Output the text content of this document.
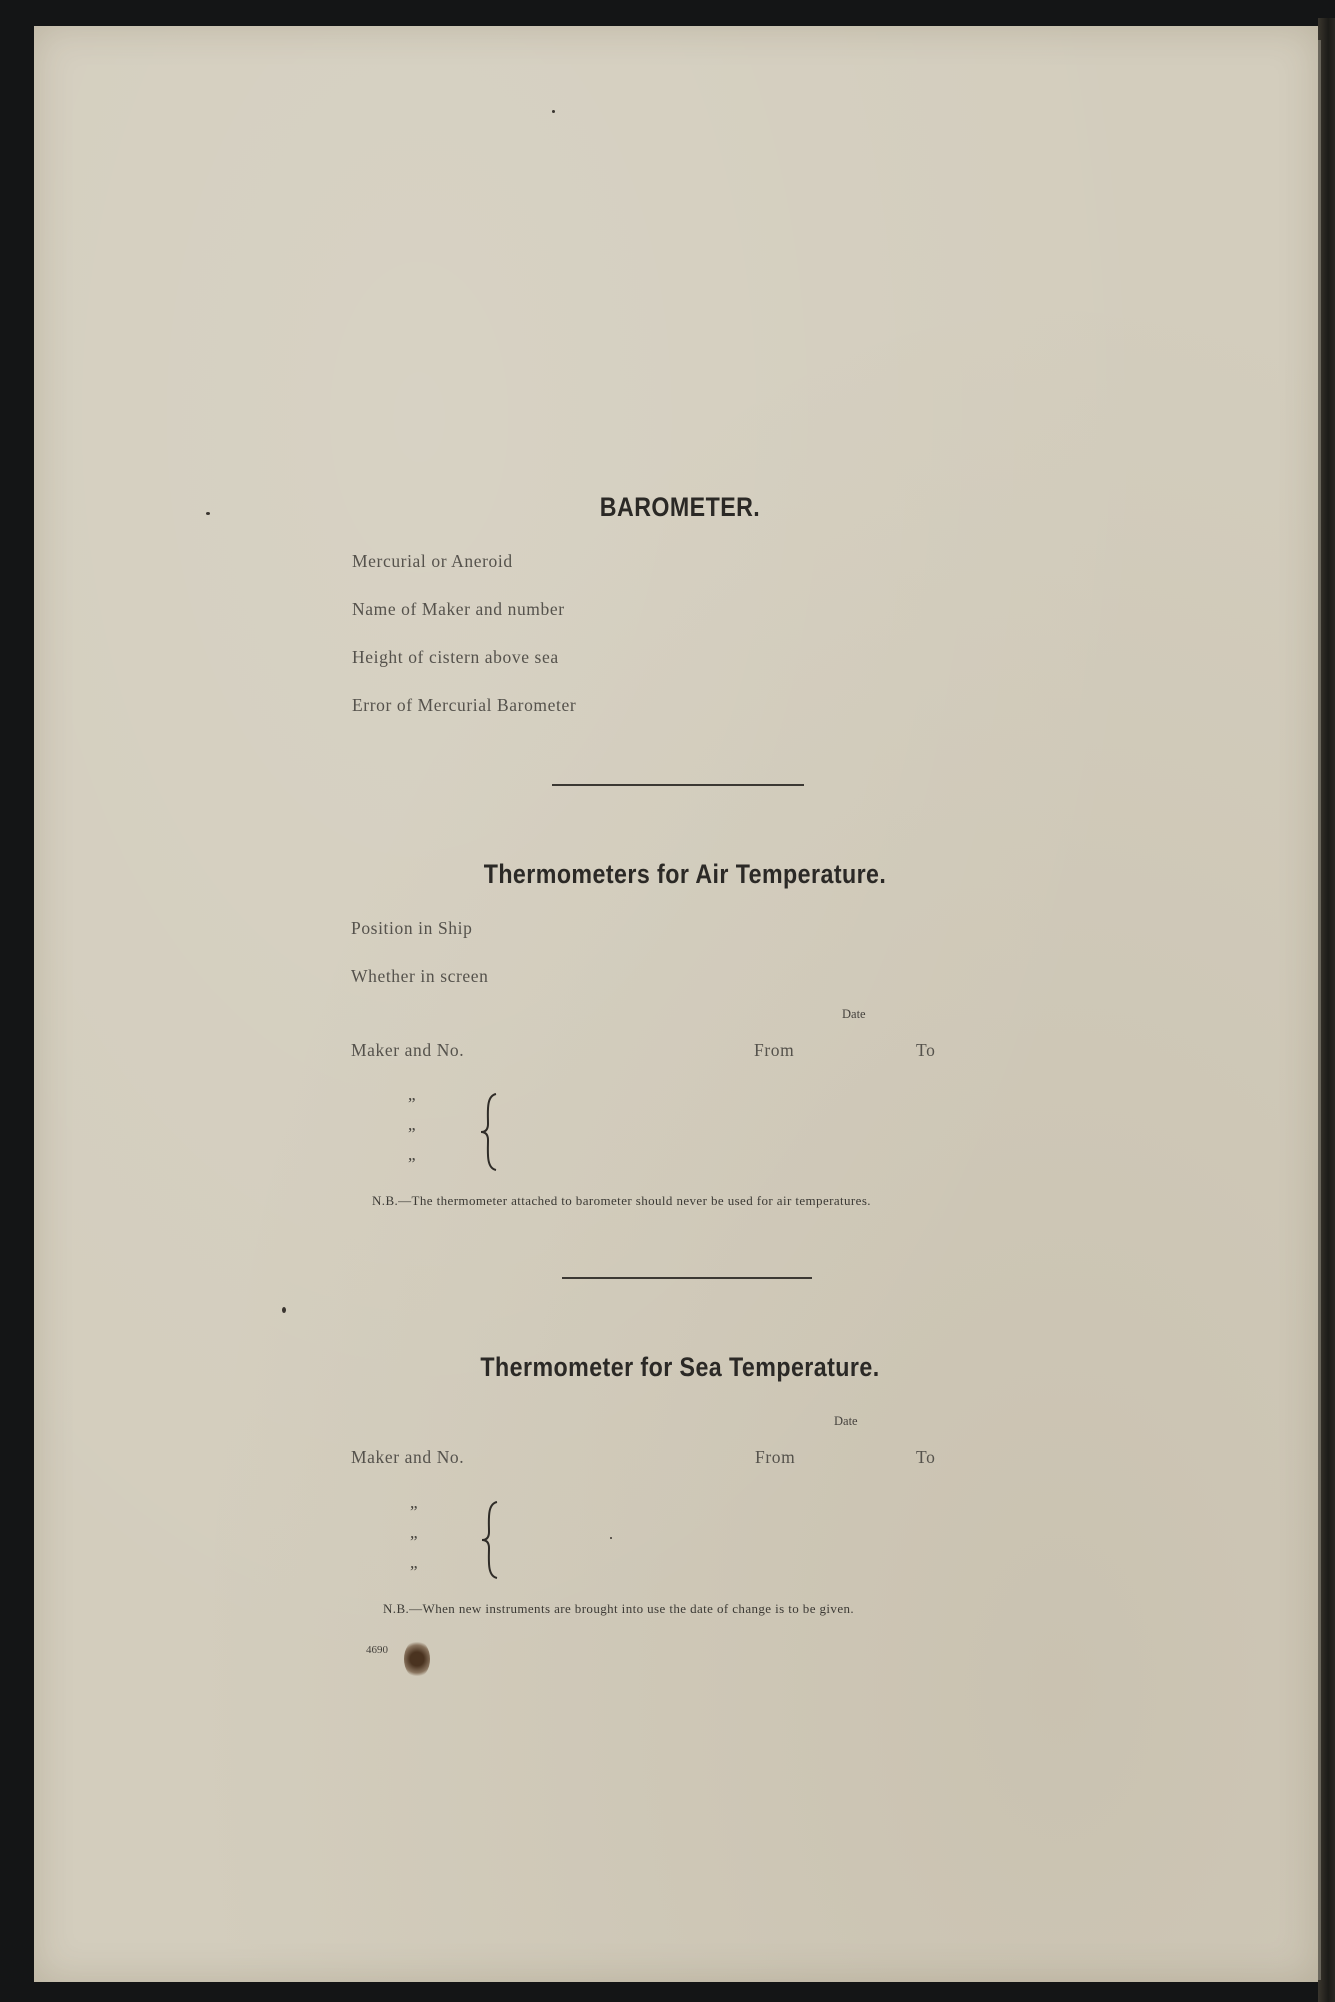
BAROMETER.
Mercurial or Aneroid
Name of Maker and number
Height of cistern above sea
Error of Mercurial Barometer
Thermometers for Air Temperature.
Position in Ship
Whether in screen
Date
Maker and No.	From	To
”
”
”
N.B.—The thermometer attached to barometer should never be used for air temperatures.
Thermometer for Sea Temperature.
Date
Maker and No.	From	To
”
”
”
N.B.—When new instruments are brought into use the date of change is to be given.
4690
